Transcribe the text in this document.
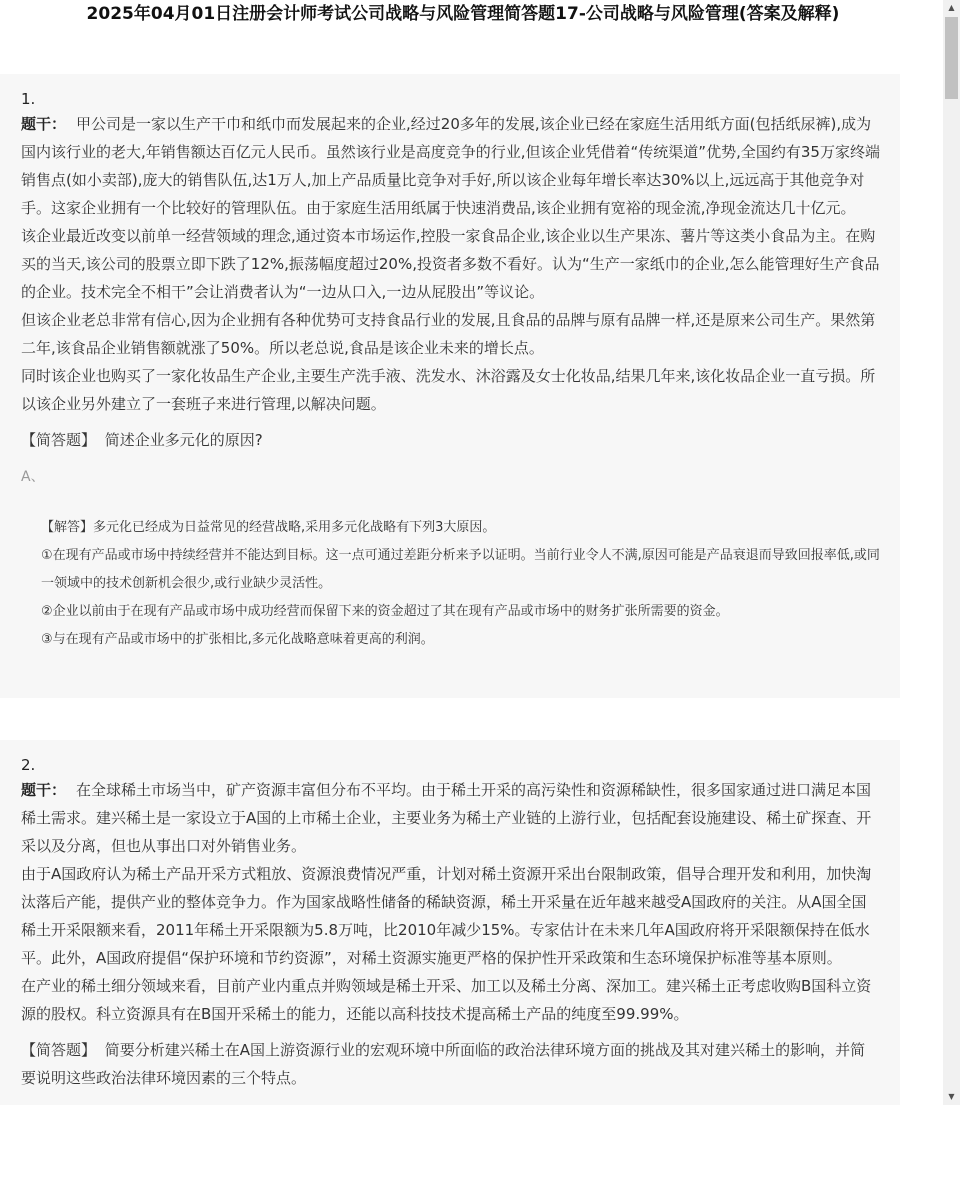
2025年04月01日注册会计师考试公司战略与风险管理简答题17-公司战略与风险管理(答案及解释)
1.

题干： 甲公司是一家以生产干巾和纸巾而发展起来的企业,经过20多年的发展,该企业已经在家庭生活用纸方面(包括纸尿裤),成为国内该行业的老大,年销售额达百亿元人民币。虽然该行业是高度竞争的行业,但该企业凭借着“传统渠道”优势,全国约有35万家终端销售点(如小卖部),庞大的销售队伍,达1万人,加上产品质量比竞争对手好,所以该企业每年增长率达30%以上,远远高于其他竞争对手。这家企业拥有一个比较好的管理队伍。由于家庭生活用纸属于快速消费品,该企业拥有宽裕的现金流,净现金流达几十亿元。

该企业最近改变以前单一经营领域的理念,通过资本市场运作,控股一家食品企业,该企业以生产果冻、薯片等这类小食品为主。在购买的当天,该公司的股票立即下跌了12%,振荡幅度超过20%,投资者多数不看好。认为“生产一家纸巾的企业,怎么能管理好生产食品的企业。技术完全不相干”会让消费者认为“一边从口入,一边从屁股出”等议论。

但该企业老总非常有信心,因为企业拥有各种优势可支持食品行业的发展,且食品的品牌与原有品牌一样,还是原来公司生产。果然第二年,该食品企业销售额就涨了50%。所以老总说,食品是该企业未来的增长点。

同时该企业也购买了一家化妆品生产企业,主要生产洗手液、洗发水、沐浴露及女士化妆品,结果几年来,该化妆品企业一直亏损。所以该企业另外建立了一套班子来进行管理,以解决问题。

【简答题】 简述企业多元化的原因?
A、

【解答】多元化已经成为日益常见的经营战略,采用多元化战略有下列3大原因。

①在现有产品或市场中持续经营并不能达到目标。这一点可通过差距分析来予以证明。当前行业令人不满,原因可能是产品衰退而导致回报率低,或同一领域中的技术创新机会很少,或行业缺少灵活性。

②企业以前由于在现有产品或市场中成功经营而保留下来的资金超过了其在现有产品或市场中的财务扩张所需要的资金。

③与在现有产品或市场中的扩张相比,多元化战略意味着更高的利润。

2.

题干： 在全球稀土市场当中，矿产资源丰富但分布不平均。由于稀土开采的高污染性和资源稀缺性，很多国家通过进口满足本国稀土需求。建兴稀土是一家设立于A国的上市稀土企业，主要业务为稀土产业链的上游行业，包括配套设施建设、稀土矿探查、开采以及分离，但也从事出口对外销售业务。

由于A国政府认为稀土产品开采方式粗放、资源浪费情况严重，计划对稀土资源开采出台限制政策，倡导合理开发和利用，加快淘汰落后产能，提供产业的整体竞争力。作为国家战略性储备的稀缺资源，稀土开采量在近年越来越受A国政府的关注。从A国全国稀土开采限额来看，2011年稀土开采限额为5.8万吨，比2010年减少15%。专家估计在未来几年A国政府将开采限额保持在低水平。此外，A国政府提倡“保护环境和节约资源”，对稀土资源实施更严格的保护性开采政策和生态环境保护标准等基本原则。

在产业的稀土细分领域来看，目前产业内重点并购领域是稀土开采、加工以及稀土分离、深加工。建兴稀土正考虑收购B国科立资源的股权。科立资源具有在B国开采稀土的能力，还能以高科技技术提高稀土产品的纯度至99.99%。

【简答题】 简要分析建兴稀土在A国上游资源行业的宏观环境中所面临的政治法律环境方面的挑战及其对建兴稀土的影响，并简要说明这些政治法律环境因素的三个特点。
▲
▼
